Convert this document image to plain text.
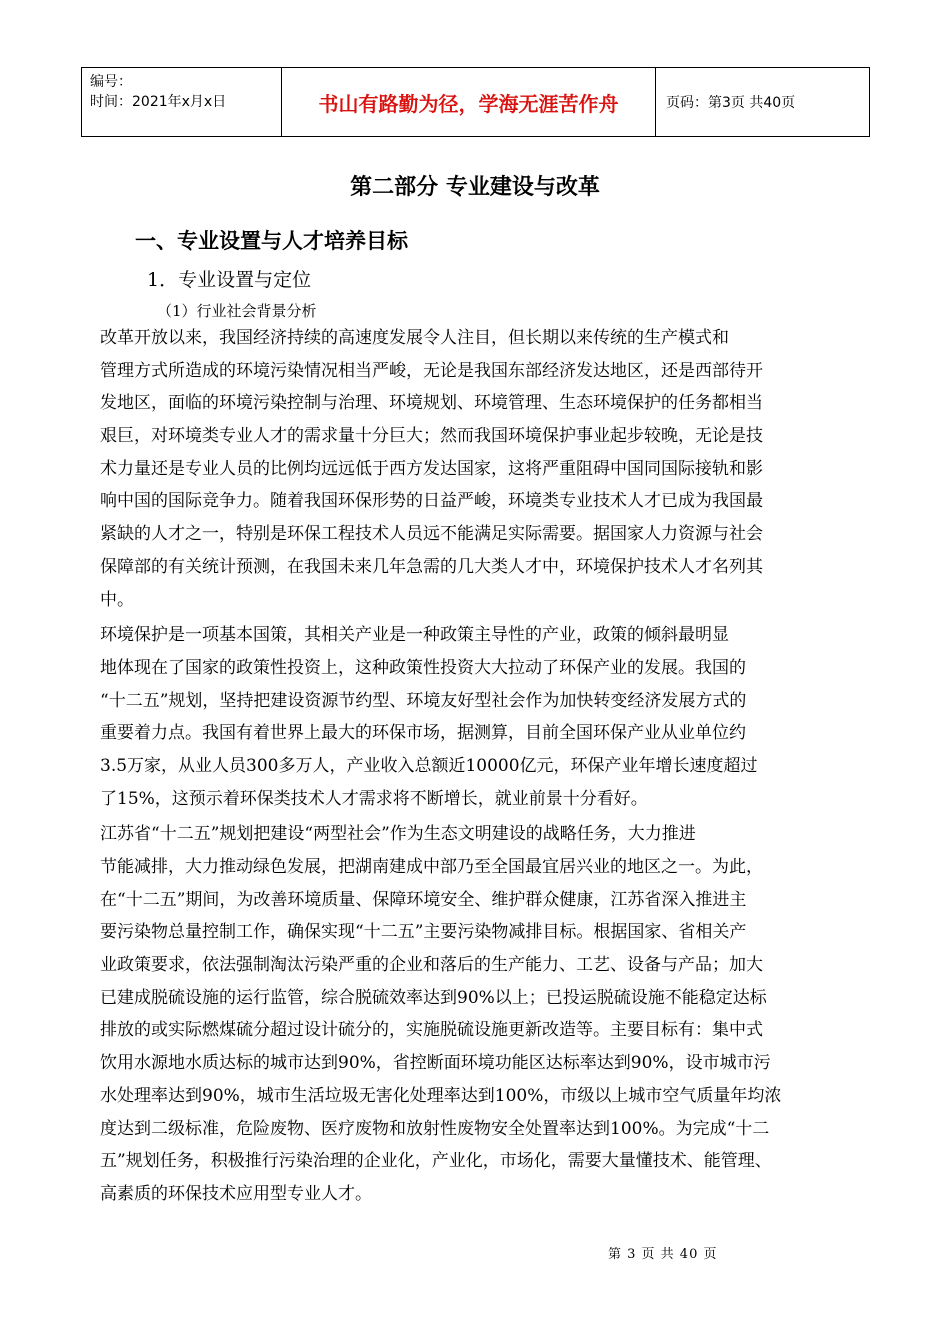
编号：
时间：2021年x月x日	书山有路勤为径，学海无涯苦作舟	页码：第3页 共40页
第二部分 专业建设与改革
一、专业设置与人才培养目标
1．专业设置与定位
（1）行业社会背景分析
改革开放以来，我国经济持续的高速度发展令人注目，但长期以来传统的生产模式和
管理方式所造成的环境污染情况相当严峻，无论是我国东部经济发达地区，还是西部待开
发地区，面临的环境污染控制与治理、环境规划、环境管理、生态环境保护的任务都相当
艰巨，对环境类专业人才的需求量十分巨大；然而我国环境保护事业起步较晚，无论是技
术力量还是专业人员的比例均远远低于西方发达国家，这将严重阻碍中国同国际接轨和影
响中国的国际竞争力。随着我国环保形势的日益严峻，环境类专业技术人才已成为我国最
紧缺的人才之一，特别是环保工程技术人员远不能满足实际需要。据国家人力资源与社会
保障部的有关统计预测，在我国未来几年急需的几大类人才中，环境保护技术人才名列其
中。
环境保护是一项基本国策，其相关产业是一种政策主导性的产业，政策的倾斜最明显
地体现在了国家的政策性投资上，这种政策性投资大大拉动了环保产业的发展。我国的
“十二五”规划，坚持把建设资源节约型、环境友好型社会作为加快转变经济发展方式的
重要着力点。我国有着世界上最大的环保市场，据测算，目前全国环保产业从业单位约
3.5万家，从业人员300多万人，产业收入总额近10000亿元，环保产业年增长速度超过
了15%，这预示着环保类技术人才需求将不断增长，就业前景十分看好。
江苏省“十二五”规划把建设“两型社会”作为生态文明建设的战略任务，大力推进
节能减排，大力推动绿色发展，把湖南建成中部乃至全国最宜居兴业的地区之一。为此，
在“十二五”期间，为改善环境质量、保障环境安全、维护群众健康，江苏省深入推进主
要污染物总量控制工作，确保实现“十二五”主要污染物减排目标。根据国家、省相关产
业政策要求，依法强制淘汰污染严重的企业和落后的生产能力、工艺、设备与产品；加大
已建成脱硫设施的运行监管，综合脱硫效率达到90%以上；已投运脱硫设施不能稳定达标
排放的或实际燃煤硫分超过设计硫分的，实施脱硫设施更新改造等。主要目标有：集中式
饮用水源地水质达标的城市达到90%，省控断面环境功能区达标率达到90%，设市城市污
水处理率达到90%，城市生活垃圾无害化处理率达到100%，市级以上城市空气质量年均浓
度达到二级标准，危险废物、医疗废物和放射性废物安全处置率达到100%。为完成“十二
五”规划任务，积极推行污染治理的企业化，产业化，市场化，需要大量懂技术、能管理、
高素质的环保技术应用型专业人才。
第 3 页 共 40 页
